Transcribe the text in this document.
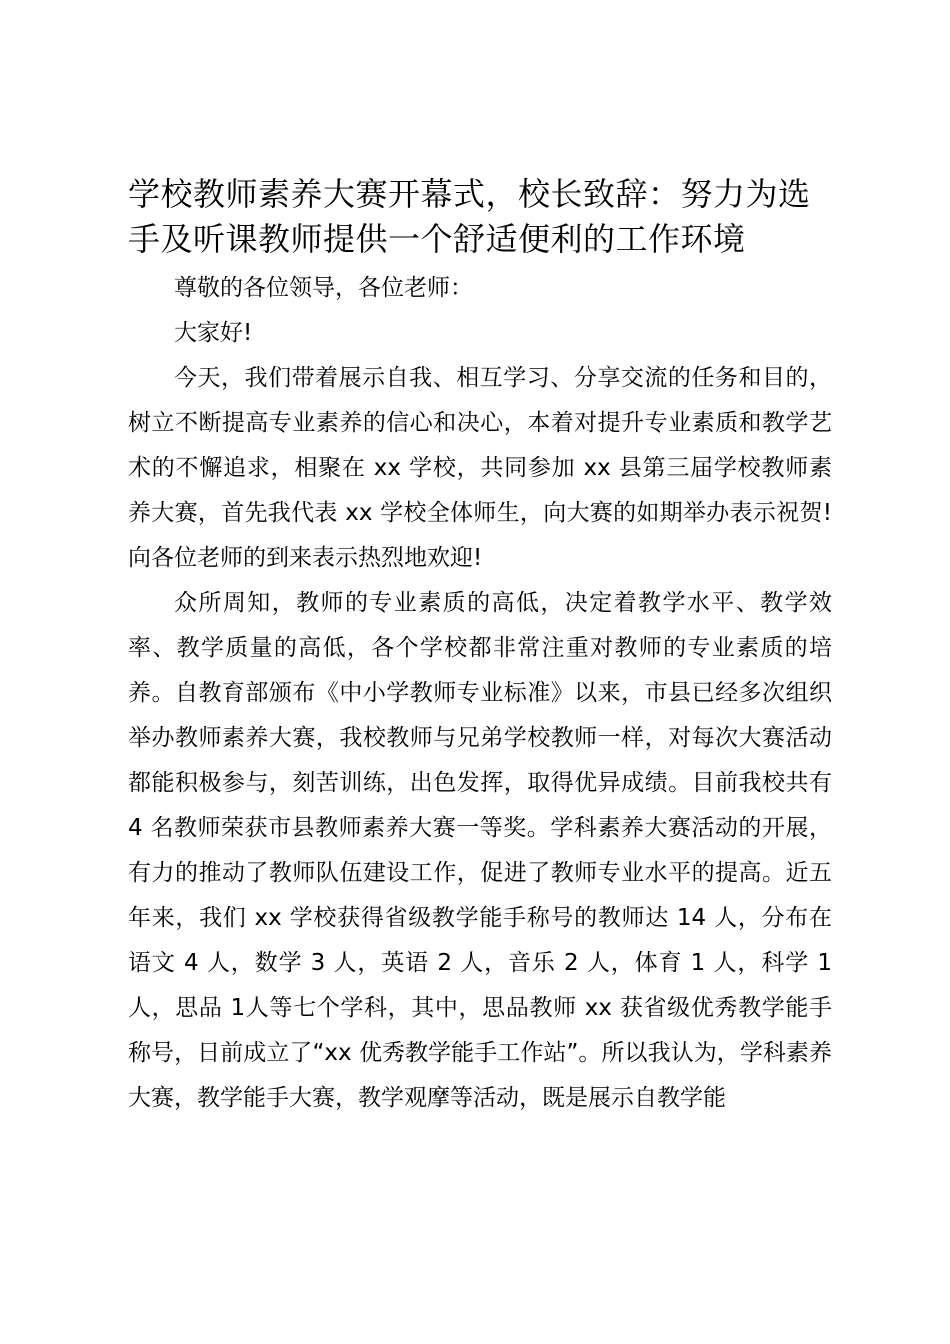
学校教师素养大赛开幕式，校长致辞：努力为选手及听课教师提供一个舒适便利的工作环境

尊敬的各位领导，各位老师：

大家好!

今天，我们带着展示自我、相互学习、分享交流的任务和目的，树立不断提高专业素养的信心和决心，本着对提升专业素质和教学艺术的不懈追求，相聚在 xx 学校，共同参加 xx 县第三届学校教师素养大赛，首先我代表 xx 学校全体师生，向大赛的如期举办表示祝贺!向各位老师的到来表示热烈地欢迎!

众所周知，教师的专业素质的高低，决定着教学水平、教学效率、教学质量的高低，各个学校都非常注重对教师的专业素质的培养。自教育部颁布《中小学教师专业标准》以来，市县已经多次组织举办教师素养大赛，我校教师与兄弟学校教师一样，对每次大赛活动都能积极参与，刻苦训练，出色发挥，取得优异成绩。目前我校共有 4 名教师荣获市县教师素养大赛一等奖。学科素养大赛活动的开展，有力的推动了教师队伍建设工作，促进了教师专业水平的提高。近五年来，我们 xx 学校获得省级教学能手称号的教师达 14 人，分布在语文 4 人，数学 3 人，英语 2 人，音乐 2 人，体育 1 人，科学 1 人，思品 1人等七个学科，其中，思品教师 xx 获省级优秀教学能手称号，日前成立了“xx 优秀教学能手工作站”。所以我认为，学科素养大赛，教学能手大赛，教学观摩等活动，既是展示自教学能
